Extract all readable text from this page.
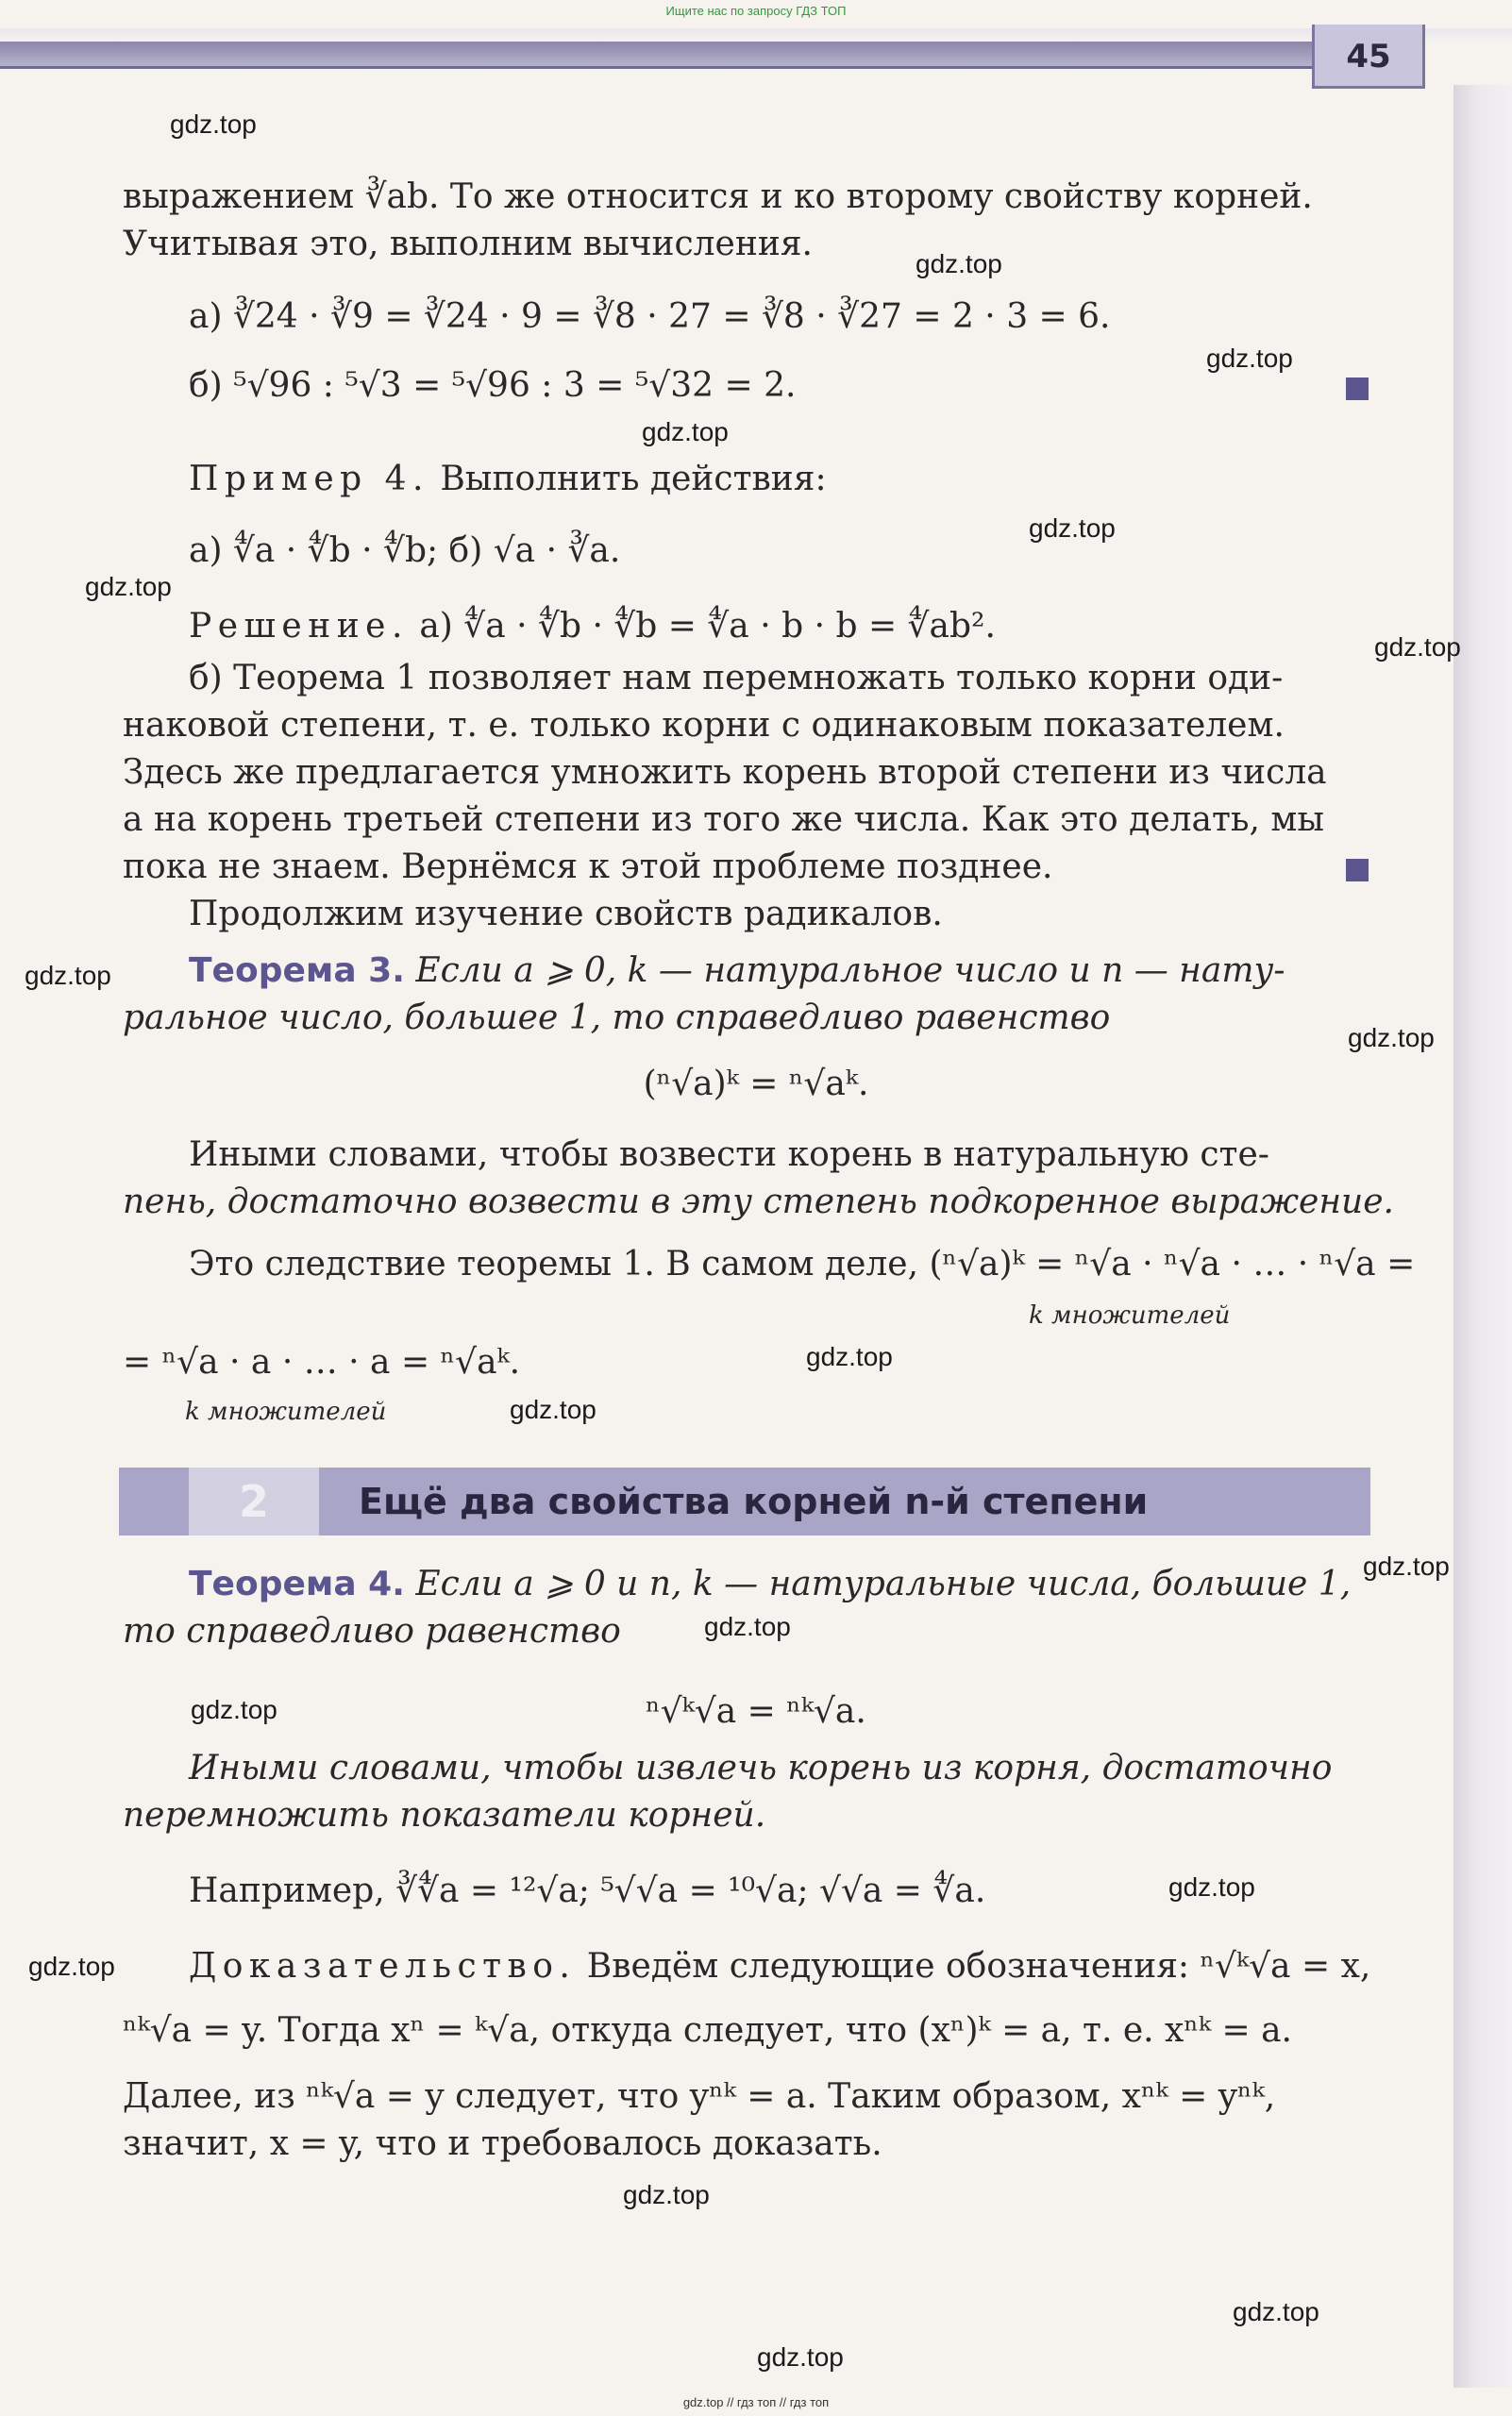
Ищите нас по запросу ГДЗ ТОП
45
gdz.top
gdz.top
gdz.top
gdz.top
gdz.top
gdz.top
gdz.top
gdz.top
gdz.top
gdz.top
gdz.top
gdz.top
gdz.top
gdz.top
gdz.top
gdz.top
gdz.top
gdz.top
gdz.top
выражением ∛ab. То же относится и ко второму свойству корней.
Учитывая это, выполним вычисления.
а) ∛24 · ∛9 = ∛24 · 9 = ∛8 · 27 = ∛8 · ∛27 = 2 · 3 = 6.
б) ⁵√96 : ⁵√3 = ⁵√96 : 3 = ⁵√32 = 2.
Пример 4. Выполнить действия:
а) ∜a · ∜b · ∜b; б) √a · ∛a.
Решение. а) ∜a · ∜b · ∜b = ∜a · b · b = ∜ab².
б) Теорема 1 позволяет нам перемножать только корни оди-
наковой степени, т. е. только корни с одинаковым показателем.
Здесь же предлагается умножить корень второй степени из числа
a на корень третьей степени из того же числа. Как это делать, мы
пока не знаем. Вернёмся к этой проблеме позднее.
Продолжим изучение свойств радикалов.
Теорема 3. Если a ⩾ 0, k — натуральное число и n — нату-
ральное число, большее 1, то справедливо равенство
(ⁿ√a)ᵏ = ⁿ√aᵏ.
Иными словами, чтобы возвести корень в натуральную сте-
пень, достаточно возвести в эту степень подкоренное выражение.
Это следствие теоремы 1. В самом деле, (ⁿ√a)ᵏ = ⁿ√a · ⁿ√a · … · ⁿ√a =
k множителей
= ⁿ√a · a · … · a = ⁿ√aᵏ.
k множителей
2	Ещё два свойства корней n-й степени
Теорема 4. Если a ⩾ 0 и n, k — натуральные числа, большие 1,
то справедливо равенство
ⁿ√ᵏ√a = ⁿᵏ√a.
Иными словами, чтобы извлечь корень из корня, достаточно
перемножить показатели корней.
Например, ∛∜a = ¹²√a; ⁵√√a = ¹⁰√a; √√a = ∜a.
Доказательство. Введём следующие обозначения: ⁿ√ᵏ√a = x,
ⁿᵏ√a = y. Тогда xⁿ = ᵏ√a, откуда следует, что (xⁿ)ᵏ = a, т. е. xⁿᵏ = a.
Далее, из ⁿᵏ√a = y следует, что yⁿᵏ = a. Таким образом, xⁿᵏ = yⁿᵏ,
значит, x = y, что и требовалось доказать.
gdz.top // гдз топ // гдз топ
